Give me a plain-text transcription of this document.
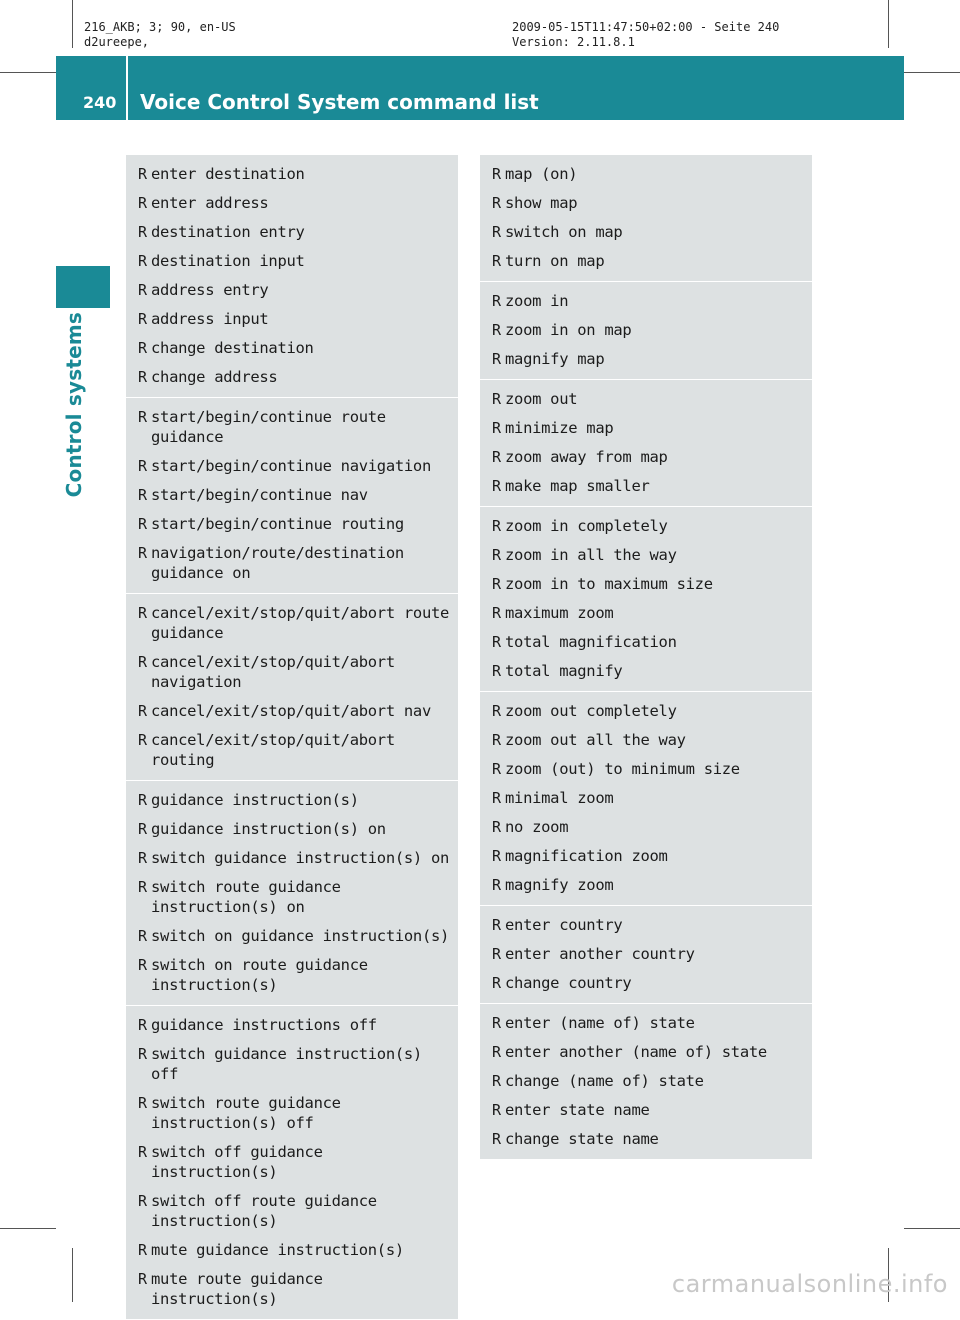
216_AKB; 3; 90, en-US
d2ureepe,
2009-05-15T11:47:50+02:00 - Seite 240
Version: 2.11.8.1
240 Voice Control System command list
Control systems
R enter destination
R enter address
R destination entry
R destination input
R address entry
R address input
R change destination
R change address
R start/begin/continue route guidance
R start/begin/continue navigation
R start/begin/continue nav
R start/begin/continue routing
R navigation/route/destination guidance on
R cancel/exit/stop/quit/abort route guidance
R cancel/exit/stop/quit/abort navigation
R cancel/exit/stop/quit/abort nav
R cancel/exit/stop/quit/abort routing
R guidance instruction(s)
R guidance instruction(s) on
R switch guidance instruction(s) on
R switch route guidance instruction(s) on
R switch on guidance instruction(s)
R switch on route guidance instruction(s)
R guidance instructions off
R switch guidance instruction(s) off
R switch route guidance instruction(s) off
R switch off guidance instruction(s)
R switch off route guidance instruction(s)
R mute guidance instruction(s)
R mute route guidance instruction(s)
R map (on)
R show map
R switch on map
R turn on map
R zoom in
R zoom in on map
R magnify map
R zoom out
R minimize map
R zoom away from map
R make map smaller
R zoom in completely
R zoom in all the way
R zoom in to maximum size
R maximum zoom
R total magnification
R total magnify
R zoom out completely
R zoom out all the way
R zoom (out) to minimum size
R minimal zoom
R no zoom
R magnification zoom
R magnify zoom
R enter country
R enter another country
R change country
R enter (name of) state
R enter another (name of) state
R change (name of) state
R enter state name
R change state name
carmanualsonline.info
